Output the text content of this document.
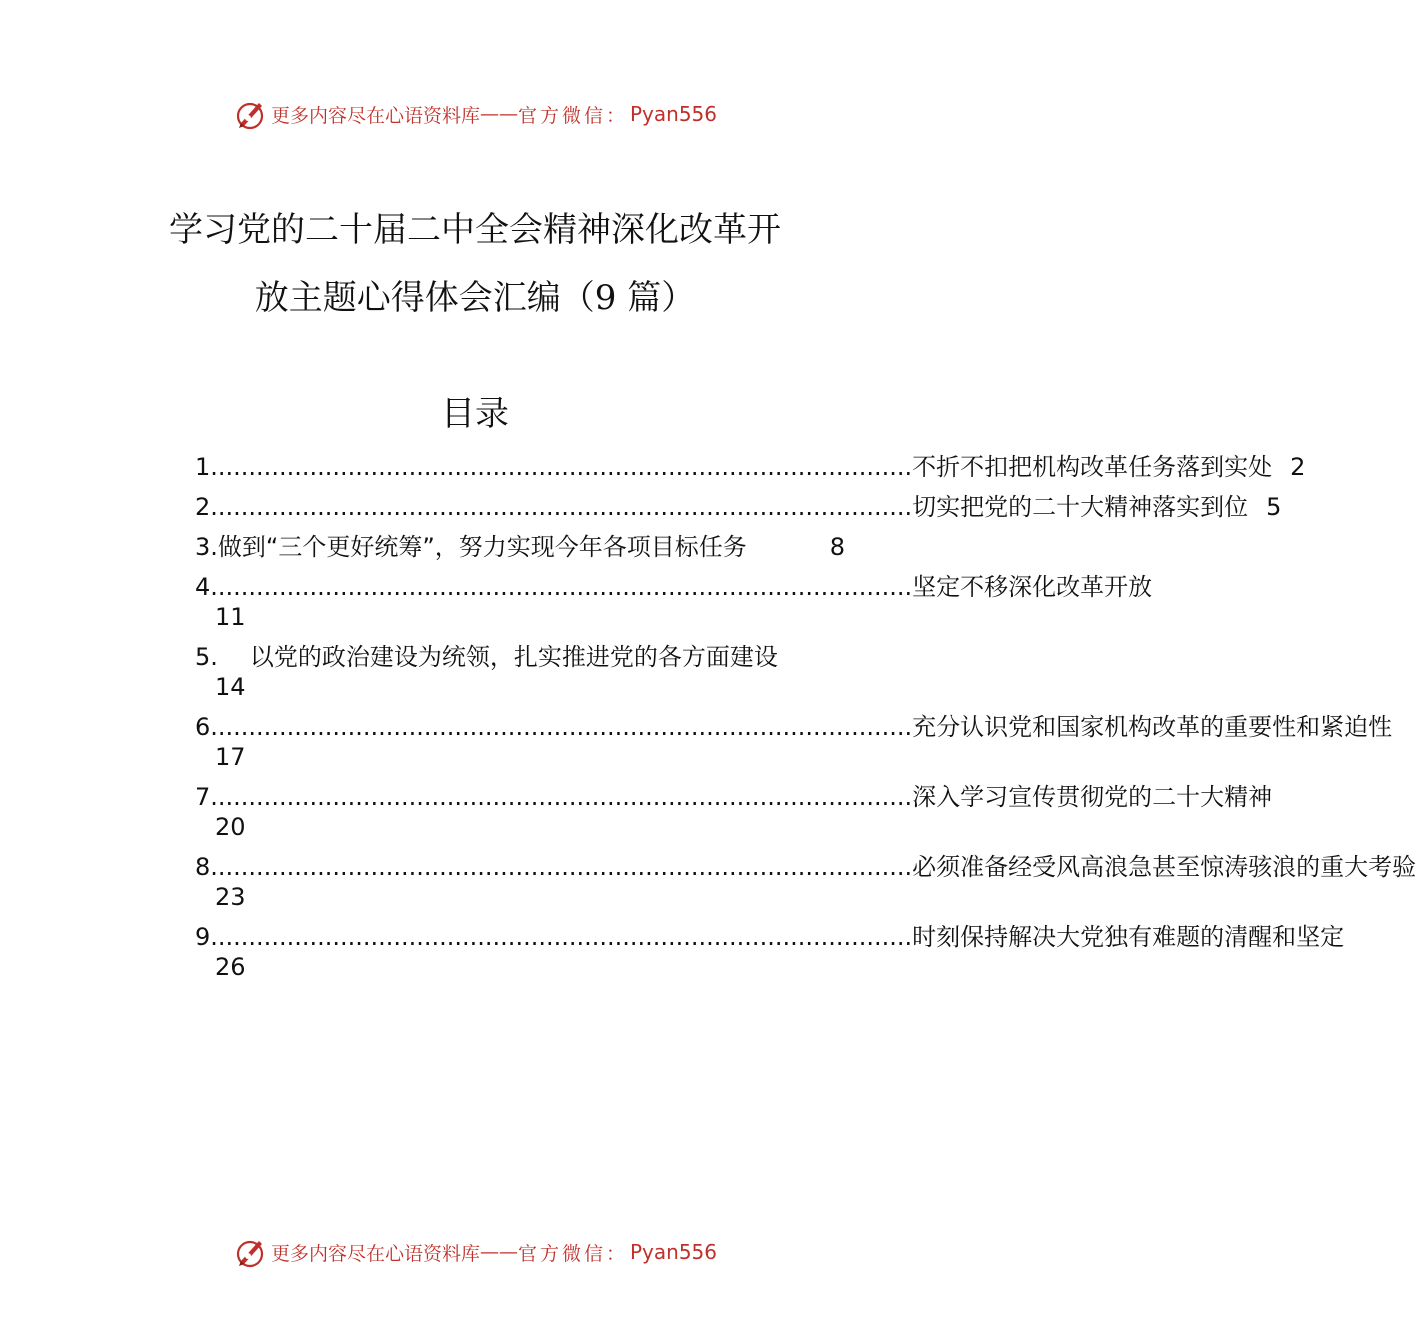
更多内容尽在心语资料库 —— 官方微信： Pyan556
学习党的二十届二中全会精神深化改革开
放主题心得体会汇编（9 篇）
目录
1 ............................................................................................ 不折不扣把机构改革任务落到实处 2
2 ............................................................................................ 切实把党的二十大精神落实到位 5
3. 做到“三个更好统筹”，努力实现今年各项目标任务	8
4 ............................................................................................ 坚定不移深化改革开放
11
5. 以党的政治建设为统领，扎实推进党的各方面建设
14
6 ............................................................................................ 充分认识党和国家机构改革的重要性和紧迫性
17
7 ............................................................................................ 深入学习宣传贯彻党的二十大精神
20
8 ............................................................................................ 必须准备经受风高浪急甚至惊涛骇浪的重大考验
23
9 ............................................................................................ 时刻保持解决大党独有难题的清醒和坚定
26
更多内容尽在心语资料库 —— 官方微信： Pyan556
